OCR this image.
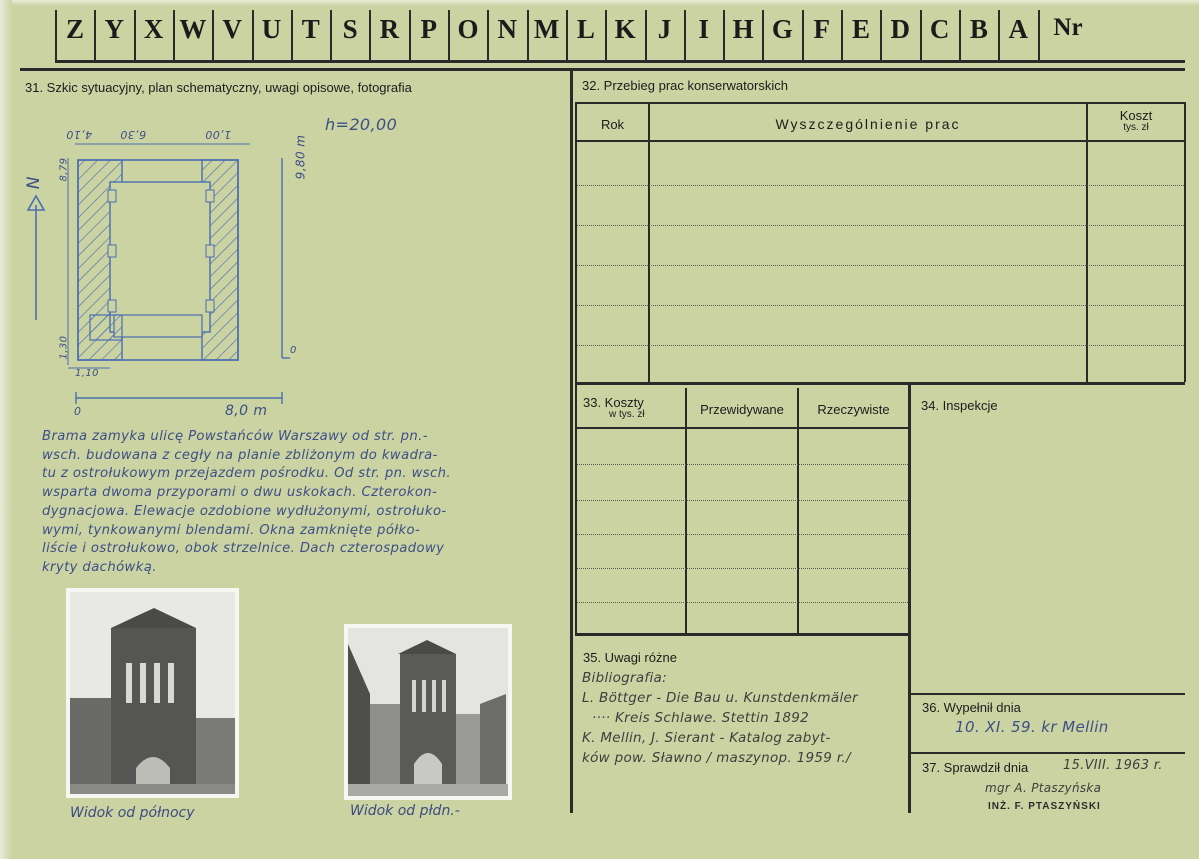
Z Y X W V U T S R P O N M L K J	I H G F E D C B A	Nr
31. Szkic sytuacyjny, plan schematyczny, uwagi opisowe, fotografia
N
h=20,00
4,10	6,30	1,00
8,79
1,30
1,10
9,80 m
0
0	8,0 m
Brama zamyka ulicę Powstańców Warszawy od str. pn.-
wsch. budowana z cegły na planie zbliżonym do kwadra-
tu z ostrołukowym przejazdem pośrodku. Od str. pn. wsch.
wsparta dwoma przyporami o dwu uskokach. Czterokon-
dygnacjowa. Elewacje ozdobione wydłużonymi, ostrołuko-
wymi, tynkowanymi blendami. Okna zamknięte półko-
liście i ostrołukowo, obok strzelnice. Dach czterospadowy
kryty dachówką.
Widok od północy	Widok od płdn.-
32. Przebieg prac konserwatorskich
Rok	Wyszczególnienie prac
Koszt
tys. zł
33. Koszty
w tys. zł	Przewidywane	Rzeczywiste	34. Inspekcje
35. Uwagi różne
Bibliografia:
L. Böttger - Die Bau u. Kunstdenkmäler
···· Kreis Schlawe. Stettin 1892
K. Mellin, J. Sierant - Katalog zabyt-
ków pow. Sławno / maszynop. 1959 r./
36. Wypełnił dnia
10. XI. 59. kr Mellin
37. Sprawdził dnia	15.VIII. 1963 r.
mgr A. Ptaszyńska
INŻ. F. PTASZYŃSKI
